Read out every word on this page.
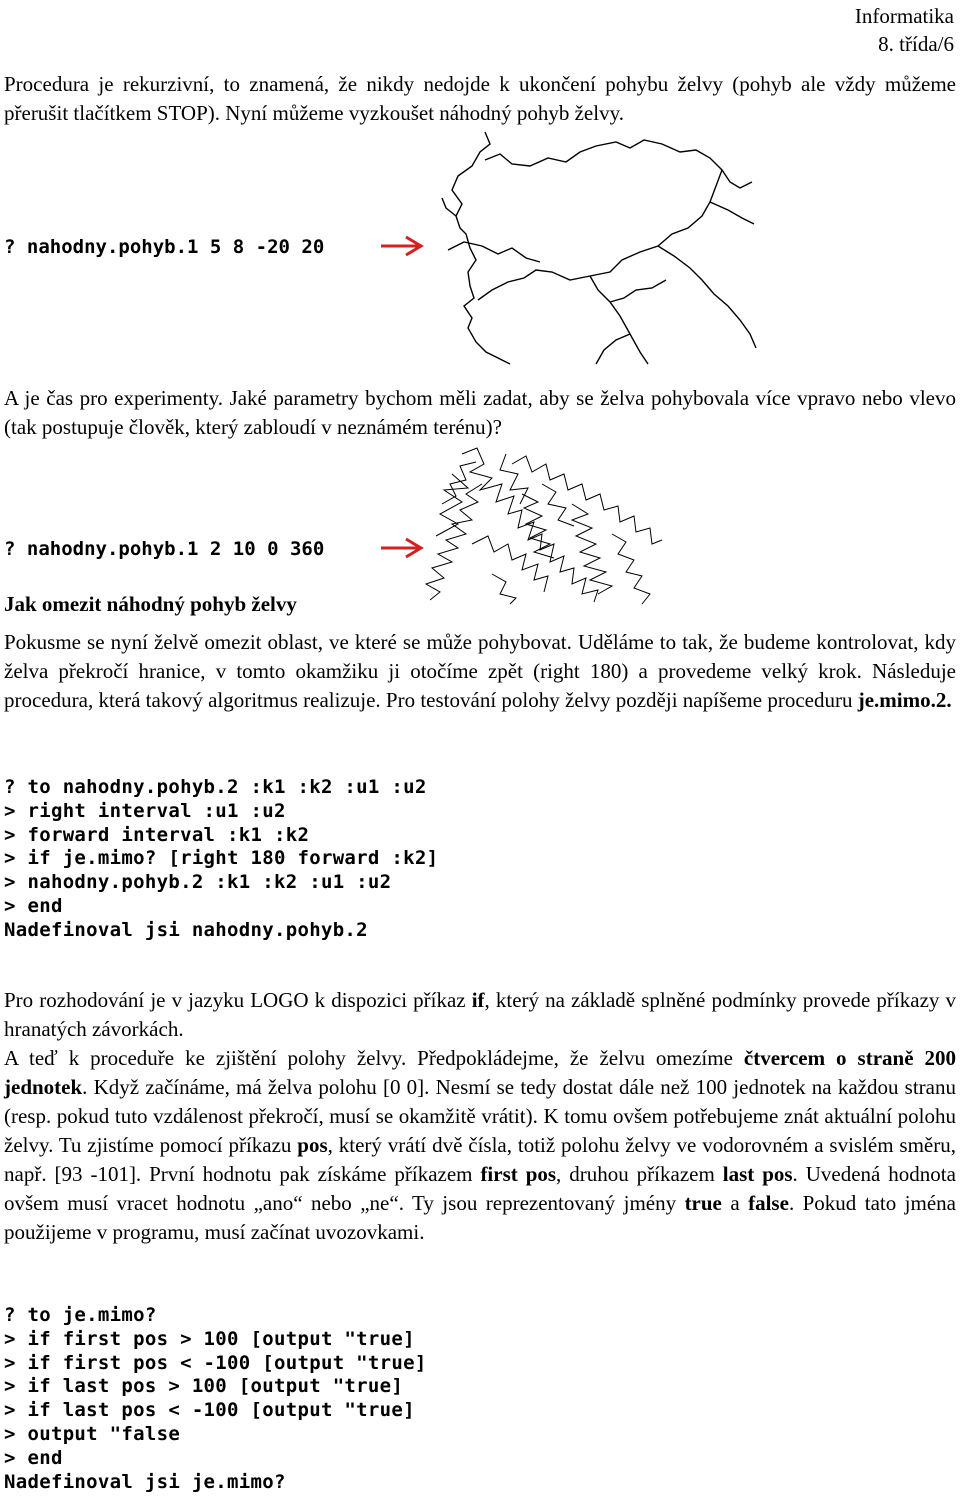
Informatika
8. třída/6

Procedura je rekurzivní, to znamená, že nikdy nedojde k ukončení pohybu želvy (pohyb ale vždy můžeme přerušit tlačítkem STOP). Nyní můžeme vyzkoušet náhodný pohyb želvy.

? nahodny.pohyb.1 5 8 -20 20

A je čas pro experimenty. Jaké parametry bychom měli zadat, aby se želva pohybovala více vpravo nebo vlevo (tak postupuje člověk, který zabloudí v neznámém terénu)?

? nahodny.pohyb.1 2 10 0 360

Jak omezit náhodný pohyb želvy

Pokusme se nyní želvě omezit oblast, ve které se může pohybovat. Uděláme to tak, že budeme kontrolovat, kdy želva překročí hranice, v tomto okamžiku ji otočíme zpět (right 180) a provedeme velký krok. Následuje procedura, která takový algoritmus realizuje. Pro testování polohy želvy později napíšeme proceduru je.mimo.2.

? to nahodny.pohyb.2 :k1 :k2 :u1 :u2
> right interval :u1 :u2
> forward interval :k1 :k2
> if je.mimo? [right 180 forward :k2]
> nahodny.pohyb.2 :k1 :k2 :u1 :u2
> end
Nadefinoval jsi nahodny.pohyb.2

Pro rozhodování je v jazyku LOGO k dispozici příkaz if, který na základě splněné podmínky provede příkazy v hranatých závorkách.

A teď k proceduře ke zjištění polohy želvy. Předpokládejme, že želvu omezíme čtvercem o straně 200 jednotek. Když začínáme, má želva polohu [0 0]. Nesmí se tedy dostat dále než 100 jednotek na každou stranu (resp. pokud tuto vzdálenost překročí, musí se okamžitě vrátit). K tomu ovšem potřebujeme znát aktuální polohu želvy. Tu zjistíme pomocí příkazu pos, který vrátí dvě čísla, totiž polohu želvy ve vodorovném a svislém směru, např. [93 -101]. První hodnotu pak získáme příkazem first pos, druhou příkazem last pos. Uvedená hodnota ovšem musí vracet hodnotu „ano“ nebo „ne“. Ty jsou reprezentovaný jmény true a false. Pokud tato jména použijeme v programu, musí začínat uvozovkami.

? to je.mimo?
> if first pos > 100 [output "true]
> if first pos < -100 [output "true]
> if last pos > 100 [output "true]
> if last pos < -100 [output "true]
> output "false
> end
Nadefinoval jsi je.mimo?
